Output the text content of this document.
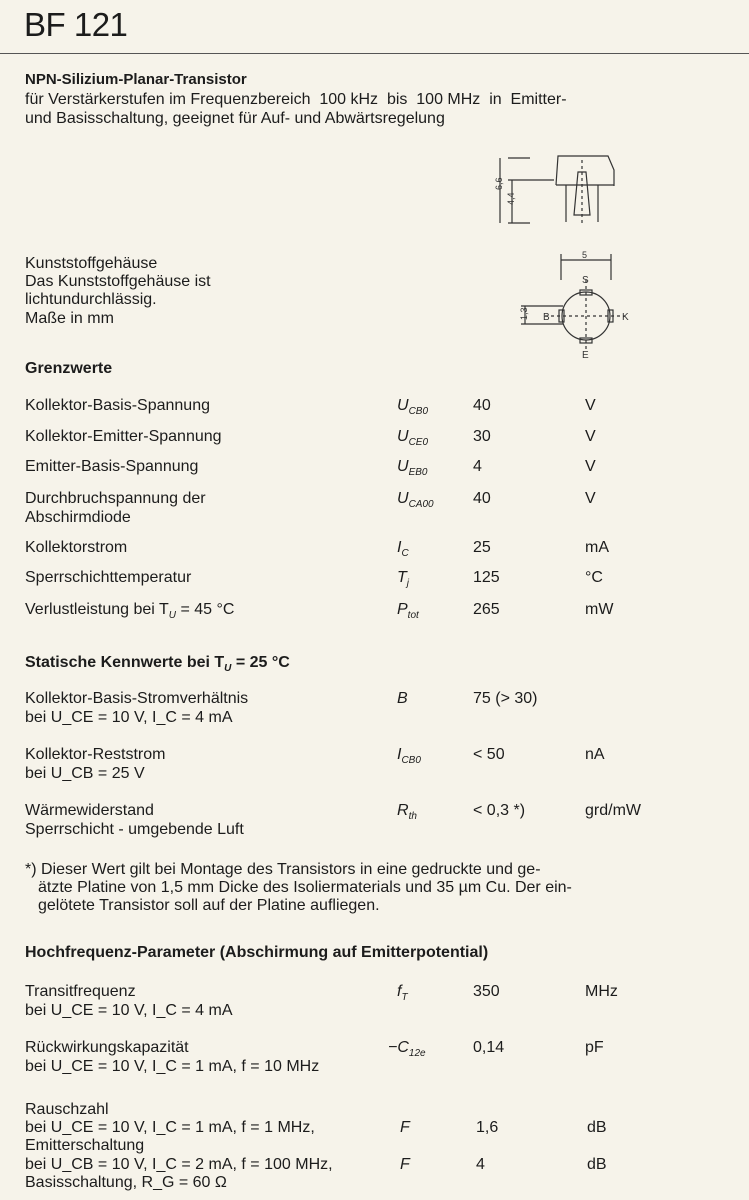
BF 121
NPN-Silizium-Planar-Transistor
für Verstärkerstufen im Frequenzbereich  100 kHz  bis  100 MHz  in  Emitter-
und Basisschaltung, geeignet für Auf- und Abwärtsregelung
6,6
4,4
Kunststoffgehäuse
Das Kunststoffgehäuse ist
lichtundurchlässig.
Maße in mm
5
1,3
S
B	K
E
Grenzwerte
Kollektor-Basis-Spannung	$U_{CB0}$	40	V
Kollektor-Emitter-Spannung	$U_{CE0}$	30	V
Emitter-Basis-Spannung	$U_{EB0}$	4	V
Durchbruchspannung der
Abschirmdiode
$U_{CA00}$ 40	V
Kollektorstrom	$I_C$	25	mA
Sperrschichttemperatur	$T_j$	125	°C
Verlustleistung bei $T_U = 45$ °C	$P_{tot}$	265	mW
Statische Kennwerte bei $T_U = 25$ °C
Kollektor-Basis-Stromverhältnis
bei U_CE = 10 V, I_C = 4 mA
B	75 (> 30)
Kollektor-Reststrom
bei U_CB = 25 V
$I_{CB0}$	< 50	nA
Wärmewiderstand
Sperrschicht - umgebende Luft
$R_{th}$	< 0,3 *)	grd/mW
*) Dieser Wert gilt bei Montage des Transistors in eine gedruckte und ge-
ätzte Platine von 1,5 mm Dicke des Isoliermaterials und 35 µm Cu. Der ein-
gelötete Transistor soll auf der Platine aufliegen.
Hochfrequenz-Parameter (Abschirmung auf Emitterpotential)
Transitfrequenz
bei U_CE = 10 V, I_C = 4 mA
$f_T$	350	MHz
Rückwirkungskapazität
bei U_CE = 10 V, I_C = 1 mA, f = 10 MHz
$-C_{12e}$	0,14	pF
Rauschzahl
bei U_CE = 10 V, I_C = 1 mA, f = 1 MHz,
Emitterschaltung
F	1,6	dB
bei U_CB = 10 V, I_C = 2 mA, f = 100 MHz,
Basisschaltung, R_G = 60 Ω
F	4	dB
